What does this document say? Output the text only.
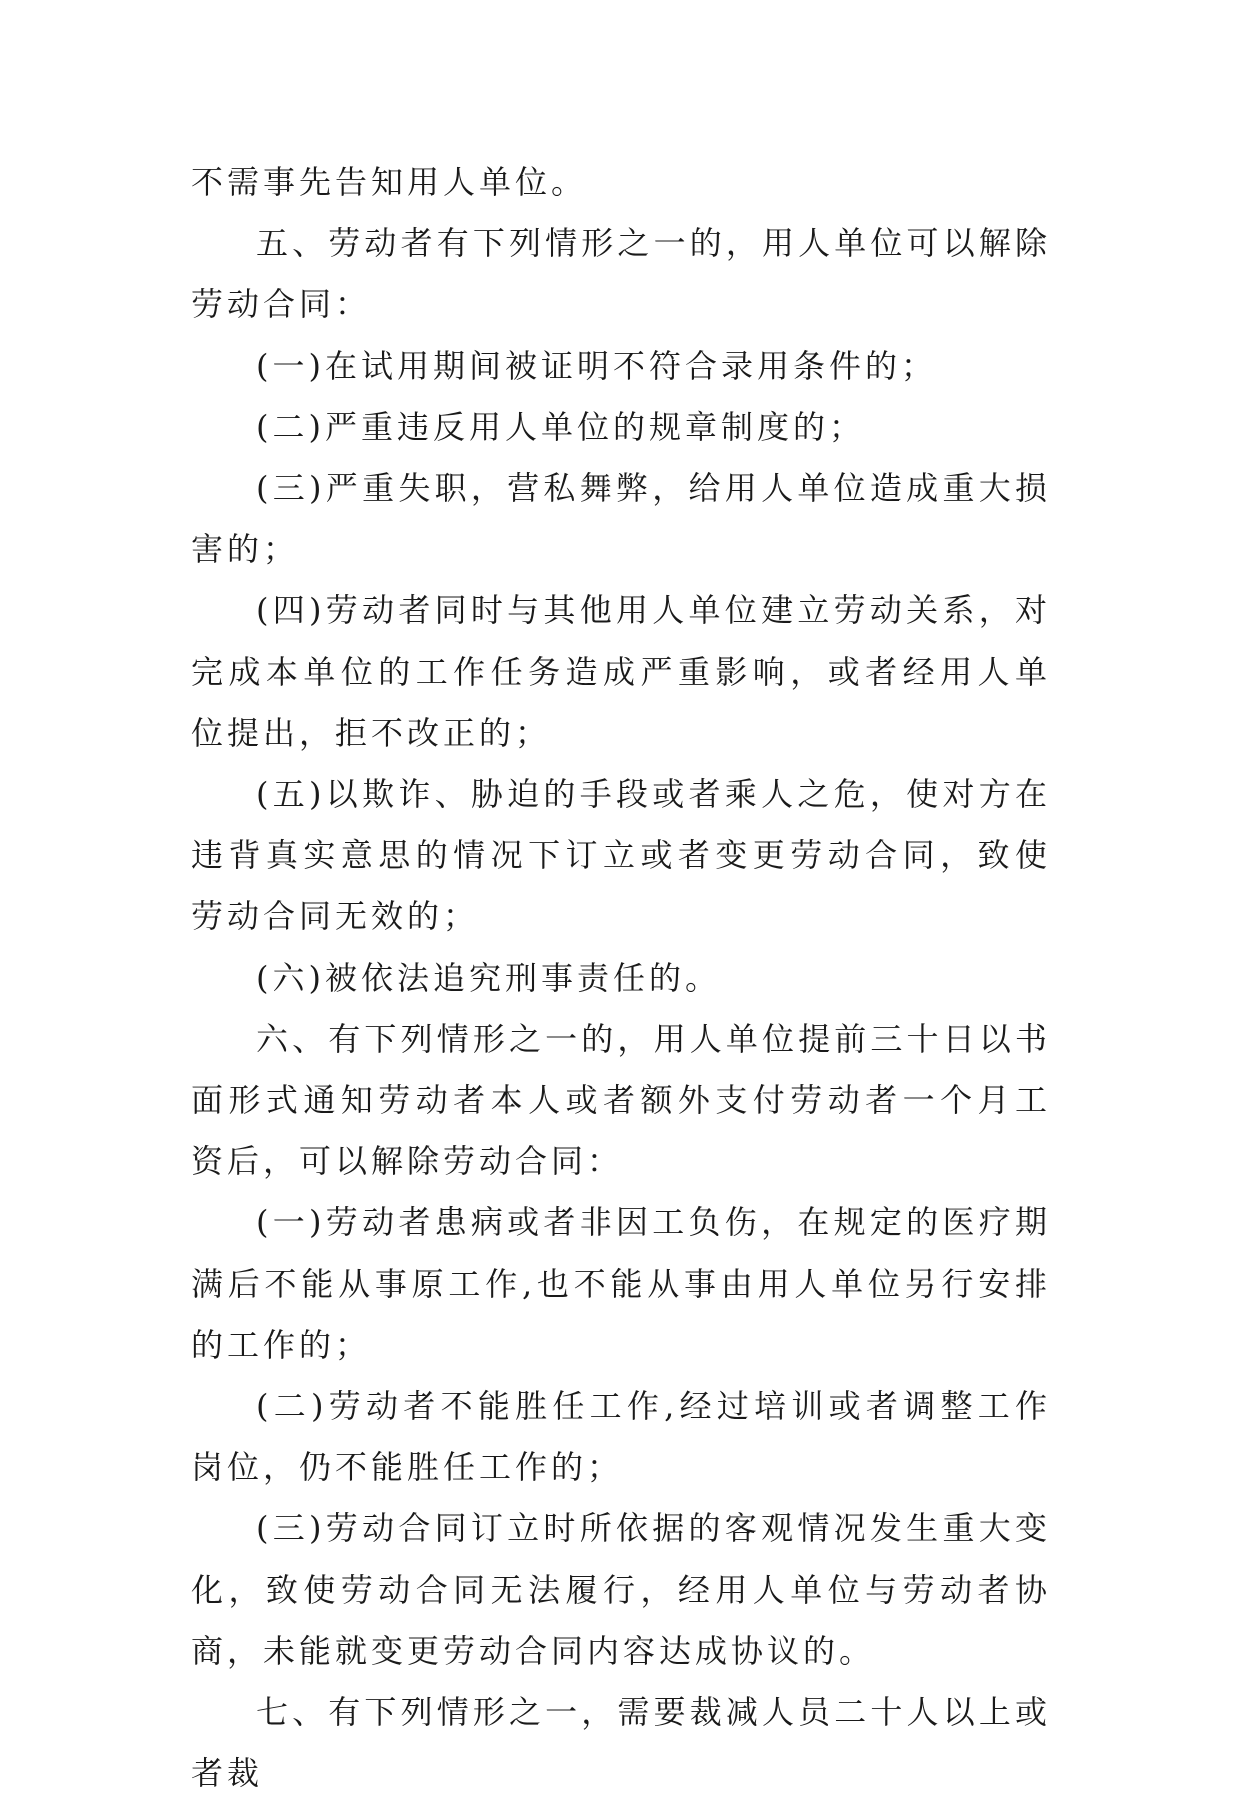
不需事先告知用人单位。

五、劳动者有下列情形之一的，用人单位可以解除劳动合同：

(一)在试用期间被证明不符合录用条件的；

(二)严重违反用人单位的规章制度的；

(三)严重失职，营私舞弊，给用人单位造成重大损害的；

(四)劳动者同时与其他用人单位建立劳动关系，对完成本单位的工作任务造成严重影响，或者经用人单位提出，拒不改正的；

(五)以欺诈、胁迫的手段或者乘人之危，使对方在违背真实意思的情况下订立或者变更劳动合同，致使劳动合同无效的；

(六)被依法追究刑事责任的。

六、有下列情形之一的，用人单位提前三十日以书面形式通知劳动者本人或者额外支付劳动者一个月工资后，可以解除劳动合同：

(一)劳动者患病或者非因工负伤，在规定的医疗期满后不能从事原工作,也不能从事由用人单位另行安排的工作的；

(二)劳动者不能胜任工作,经过培训或者调整工作岗位，仍不能胜任工作的；

(三)劳动合同订立时所依据的客观情况发生重大变化，致使劳动合同无法履行，经用人单位与劳动者协商，未能就变更劳动合同内容达成协议的。

七、有下列情形之一，需要裁减人员二十人以上或者裁
